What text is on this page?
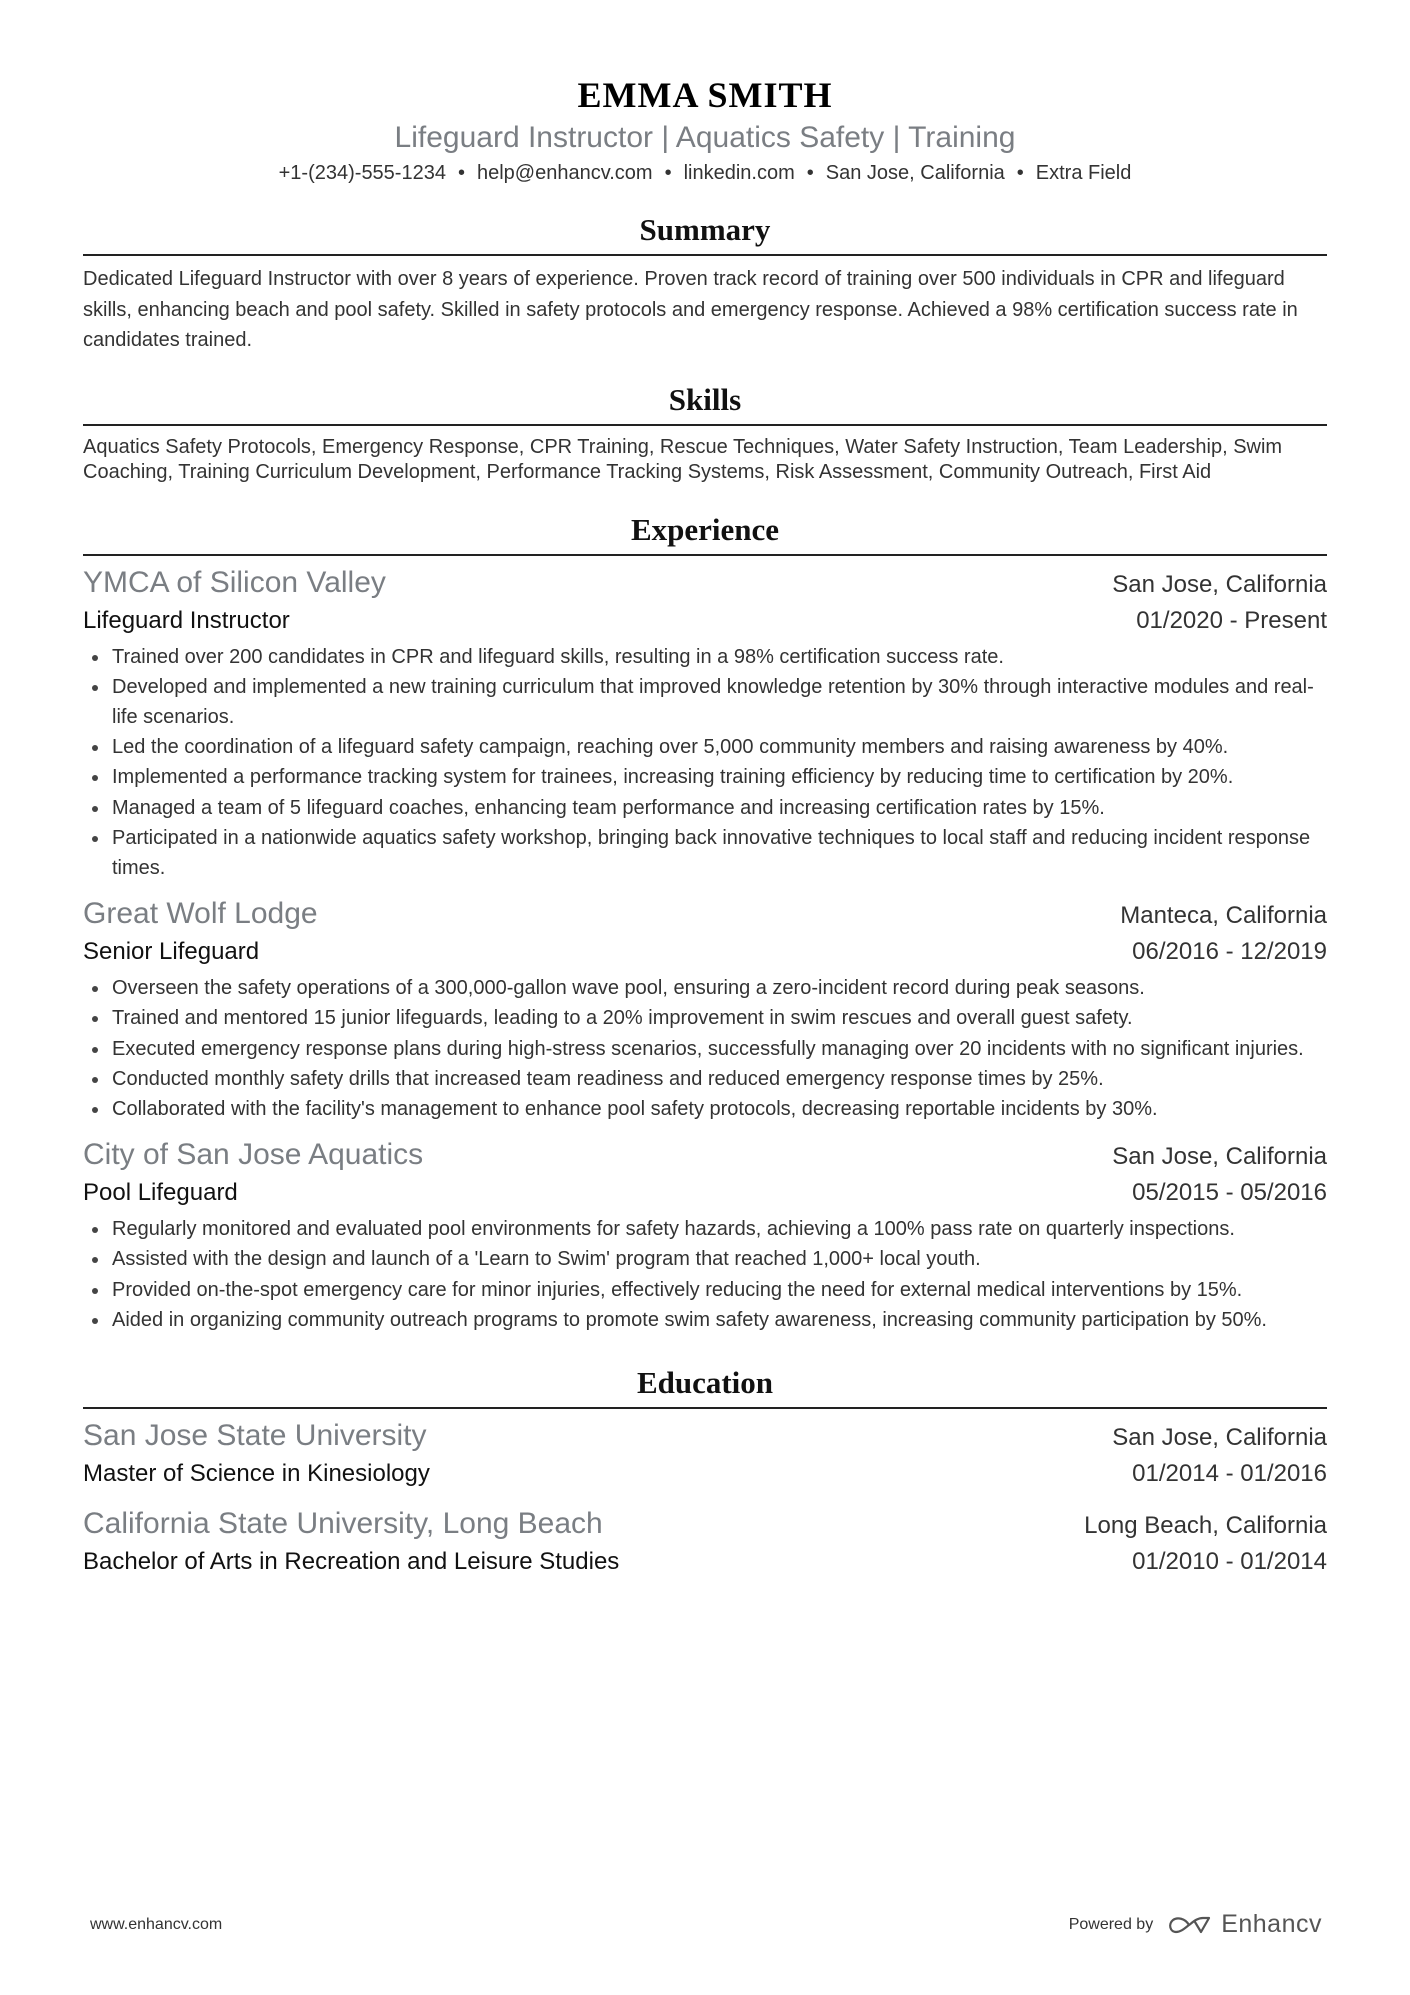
EMMA SMITH
Lifeguard Instructor | Aquatics Safety | Training
+1-(234)-555-1234 • help@enhancv.com • linkedin.com • San Jose, California • Extra Field
Summary
Dedicated Lifeguard Instructor with over 8 years of experience. Proven track record of training over 500 individuals in CPR and lifeguard skills, enhancing beach and pool safety. Skilled in safety protocols and emergency response. Achieved a 98% certification success rate in candidates trained.
Skills
Aquatics Safety Protocols, Emergency Response, CPR Training, Rescue Techniques, Water Safety Instruction, Team Leadership, Swim Coaching, Training Curriculum Development, Performance Tracking Systems, Risk Assessment, Community Outreach, First Aid
Experience
YMCA of Silicon Valley	San Jose, California
Lifeguard Instructor	01/2020 - Present
Trained over 200 candidates in CPR and lifeguard skills, resulting in a 98% certification success rate.
Developed and implemented a new training curriculum that improved knowledge retention by 30% through interactive modules and real-life scenarios.
Led the coordination of a lifeguard safety campaign, reaching over 5,000 community members and raising awareness by 40%.
Implemented a performance tracking system for trainees, increasing training efficiency by reducing time to certification by 20%.
Managed a team of 5 lifeguard coaches, enhancing team performance and increasing certification rates by 15%.
Participated in a nationwide aquatics safety workshop, bringing back innovative techniques to local staff and reducing incident response times.
Great Wolf Lodge	Manteca, California
Senior Lifeguard	06/2016 - 12/2019
Overseen the safety operations of a 300,000-gallon wave pool, ensuring a zero-incident record during peak seasons.
Trained and mentored 15 junior lifeguards, leading to a 20% improvement in swim rescues and overall guest safety.
Executed emergency response plans during high-stress scenarios, successfully managing over 20 incidents with no significant injuries.
Conducted monthly safety drills that increased team readiness and reduced emergency response times by 25%.
Collaborated with the facility's management to enhance pool safety protocols, decreasing reportable incidents by 30%.
City of San Jose Aquatics	San Jose, California
Pool Lifeguard	05/2015 - 05/2016
Regularly monitored and evaluated pool environments for safety hazards, achieving a 100% pass rate on quarterly inspections.
Assisted with the design and launch of a 'Learn to Swim' program that reached 1,000+ local youth.
Provided on-the-spot emergency care for minor injuries, effectively reducing the need for external medical interventions by 15%.
Aided in organizing community outreach programs to promote swim safety awareness, increasing community participation by 50%.
Education
San Jose State University	San Jose, California
Master of Science in Kinesiology	01/2014 - 01/2016
California State University, Long Beach	Long Beach, California
Bachelor of Arts in Recreation and Leisure Studies	01/2010 - 01/2014
www.enhancv.com	Powered by	Enhancv
